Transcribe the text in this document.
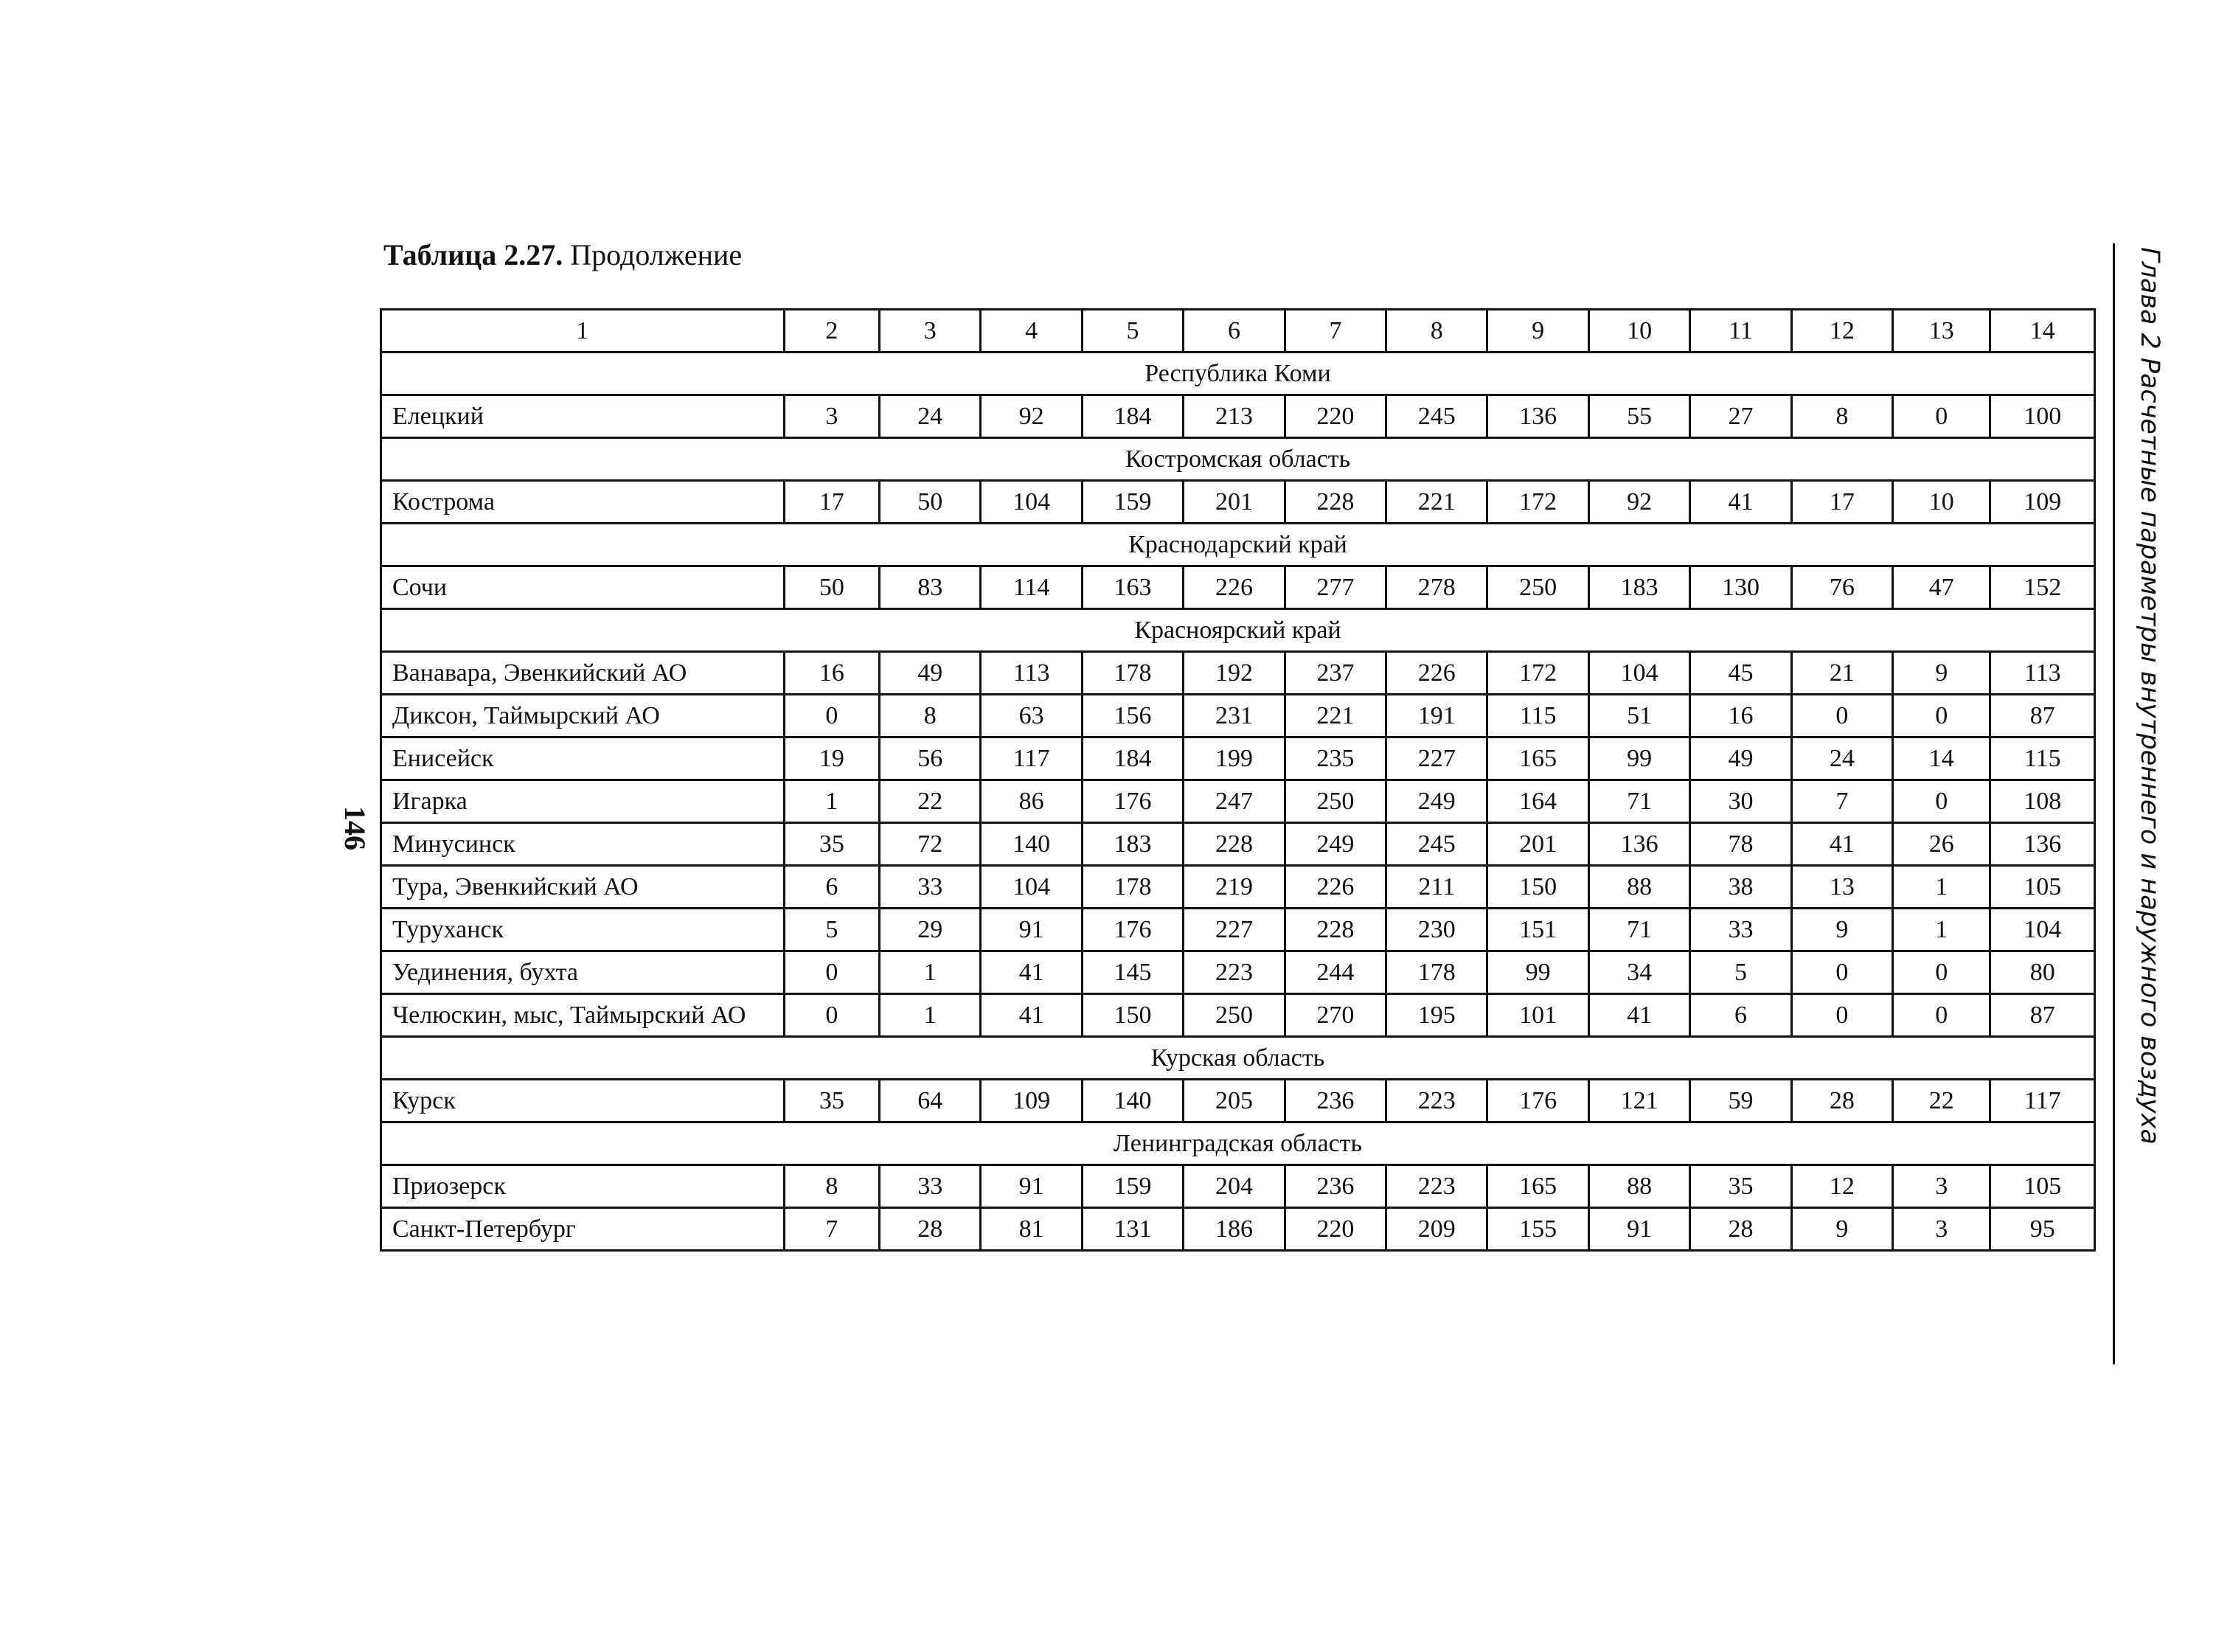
Таблица 2.27. Продолжение
146	Глава 2 Расчетные параметры внутреннего и наружного воздуха
1	2	3	4	5	6	7	8	9	10	11	12	13	14
Республика Коми													
Елецкий	3	24	92	184	213	220	245	136	55	27	8	0	100
Костромская область													
Кострома	17	50	104	159	201	228	221	172	92	41	17	10	109
Краснодарский край													
Сочи	50	83	114	163	226	277	278	250	183	130	76	47	152
Красноярский край													
Ванавара, Эвенкийский АО	16	49	113	178	192	237	226	172	104	45	21	9	113
Диксон, Таймырский АО	0	8	63	156	231	221	191	115	51	16	0	0	87
Енисейск	19	56	117	184	199	235	227	165	99	49	24	14	115
Игарка	1	22	86	176	247	250	249	164	71	30	7	0	108
Минусинск	35	72	140	183	228	249	245	201	136	78	41	26	136
Тура, Эвенкийский АО	6	33	104	178	219	226	211	150	88	38	13	1	105
Туруханск	5	29	91	176	227	228	230	151	71	33	9	1	104
Уединения, бухта	0	1	41	145	223	244	178	99	34	5	0	0	80
Челюскин, мыс, Таймырский АО	0	1	41	150	250	270	195	101	41	6	0	0	87
Курская область													
Курск	35	64	109	140	205	236	223	176	121	59	28	22	117
Ленинградская область													
Приозерск	8	33	91	159	204	236	223	165	88	35	12	3	105
Санкт-Петербург	7	28	81	131	186	220	209	155	91	28	9	3	95
